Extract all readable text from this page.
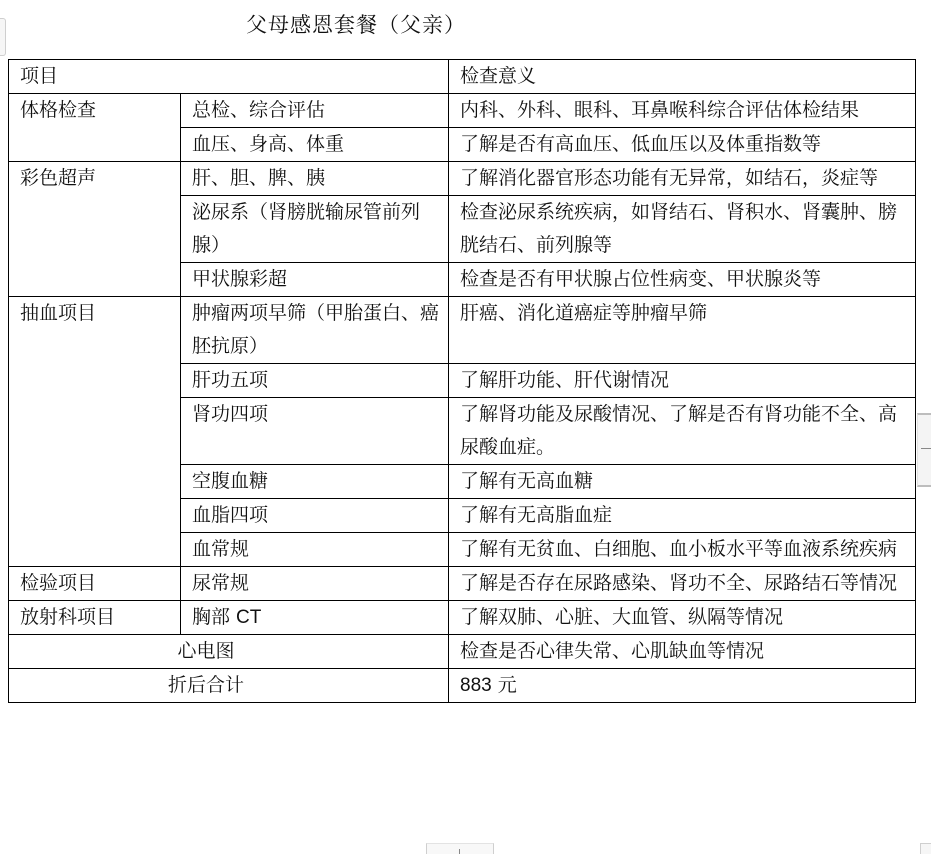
父母感恩套餐（父亲）
项目		检查意义
体格检查	总检、综合评估	内科、外科、眼科、耳鼻喉科综合评估体检结果
	血压、身高、体重	了解是否有高血压、低血压以及体重指数等
彩色超声	肝、胆、脾、胰	了解消化器官形态功能有无异常，如结石，炎症等
	泌尿系（肾膀胱输尿管前列腺）	检查泌尿系统疾病，如肾结石、肾积水、肾囊肿、膀胱结石、前列腺等
	甲状腺彩超	检查是否有甲状腺占位性病变、甲状腺炎等
抽血项目	肿瘤两项早筛（甲胎蛋白、癌胚抗原）	肝癌、消化道癌症等肿瘤早筛
	肝功五项	了解肝功能、肝代谢情况
	肾功四项	了解肾功能及尿酸情况、了解是否有肾功能不全、高尿酸血症。
	空腹血糖	了解有无高血糖
	血脂四项	了解有无高脂血症
	血常规	了解有无贫血、白细胞、血小板水平等血液系统疾病
检验项目	尿常规	了解是否存在尿路感染、肾功不全、尿路结石等情况
放射科项目	胸部 CT	了解双肺、心脏、大血管、纵隔等情况
心电图		检查是否心律失常、心肌缺血等情况
折后合计		883 元
